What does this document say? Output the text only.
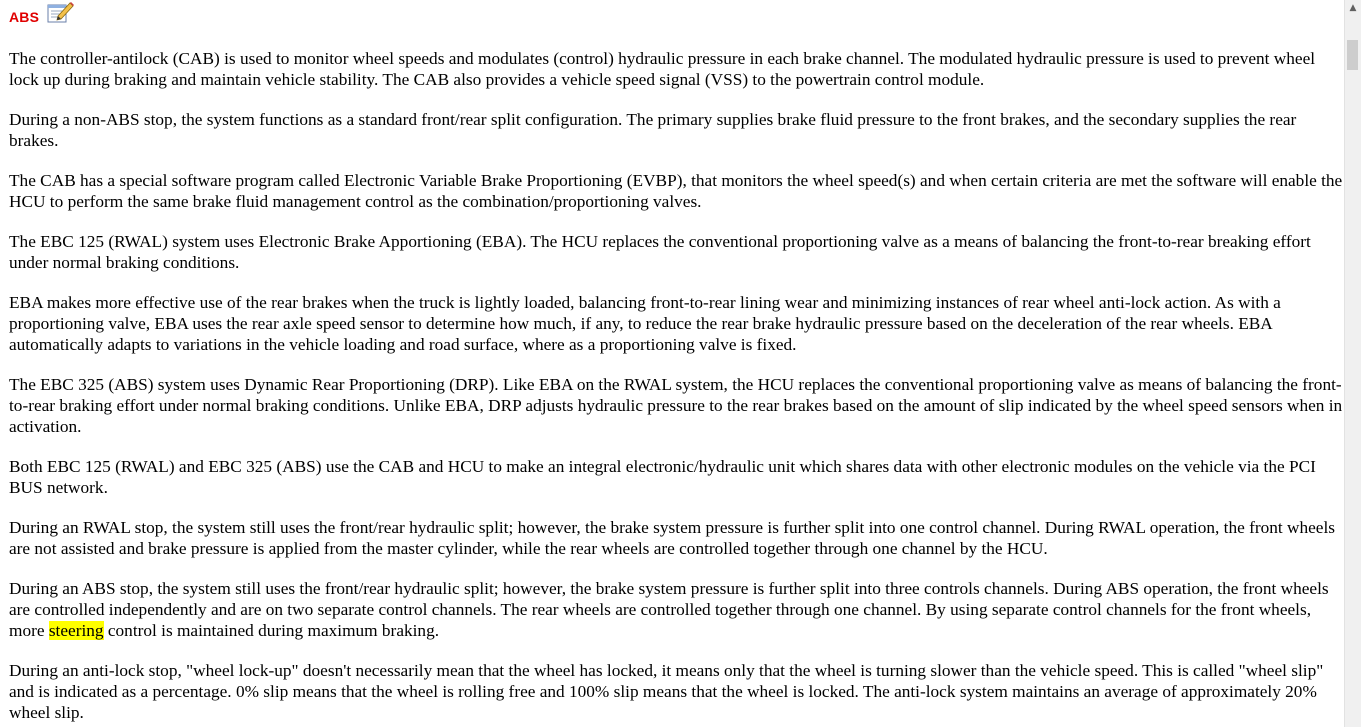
ABS

The controller-antilock (CAB) is used to monitor wheel speeds and modulates (control) hydraulic pressure in each brake channel. The modulated hydraulic pressure is used to prevent wheel lock up during braking and maintain vehicle stability. The CAB also provides a vehicle speed signal (VSS) to the powertrain control module.

During a non-ABS stop, the system functions as a standard front/rear split configuration. The primary supplies brake fluid pressure to the front brakes, and the secondary supplies the rear brakes.

The CAB has a special software program called Electronic Variable Brake Proportioning (EVBP), that monitors the wheel speed(s) and when certain criteria are met the software will enable the HCU to perform the same brake fluid management control as the combination/proportioning valves.

The EBC 125 (RWAL) system uses Electronic Brake Apportioning (EBA). The HCU replaces the conventional proportioning valve as a means of balancing the front-to-rear breaking effort under normal braking conditions.

EBA makes more effective use of the rear brakes when the truck is lightly loaded, balancing front-to-rear lining wear and minimizing instances of rear wheel anti-lock action. As with a proportioning valve, EBA uses the rear axle speed sensor to determine how much, if any, to reduce the rear brake hydraulic pressure based on the deceleration of the rear wheels. EBA automatically adapts to variations in the vehicle loading and road surface, where as a proportioning valve is fixed.

The EBC 325 (ABS) system uses Dynamic Rear Proportioning (DRP). Like EBA on the RWAL system, the HCU replaces the conventional proportioning valve as means of balancing the front-to-rear braking effort under normal braking conditions. Unlike EBA, DRP adjusts hydraulic pressure to the rear brakes based on the amount of slip indicated by the wheel speed sensors when in activation.

Both EBC 125 (RWAL) and EBC 325 (ABS) use the CAB and HCU to make an integral electronic/hydraulic unit which shares data with other electronic modules on the vehicle via the PCI BUS network.

During an RWAL stop, the system still uses the front/rear hydraulic split; however, the brake system pressure is further split into one control channel. During RWAL operation, the front wheels are not assisted and brake pressure is applied from the master cylinder, while the rear wheels are controlled together through one channel by the HCU.

During an ABS stop, the system still uses the front/rear hydraulic split; however, the brake system pressure is further split into three controls channels. During ABS operation, the front wheels are controlled independently and are on two separate control channels. The rear wheels are controlled together through one channel. By using separate control channels for the front wheels, more steering control is maintained during maximum braking.

During an anti-lock stop, "wheel lock-up" doesn't necessarily mean that the wheel has locked, it means only that the wheel is turning slower than the vehicle speed. This is called "wheel slip" and is indicated as a percentage. 0% slip means that the wheel is rolling free and 100% slip means that the wheel is locked. The anti-lock system maintains an average of approximately 20% wheel slip.

▲
